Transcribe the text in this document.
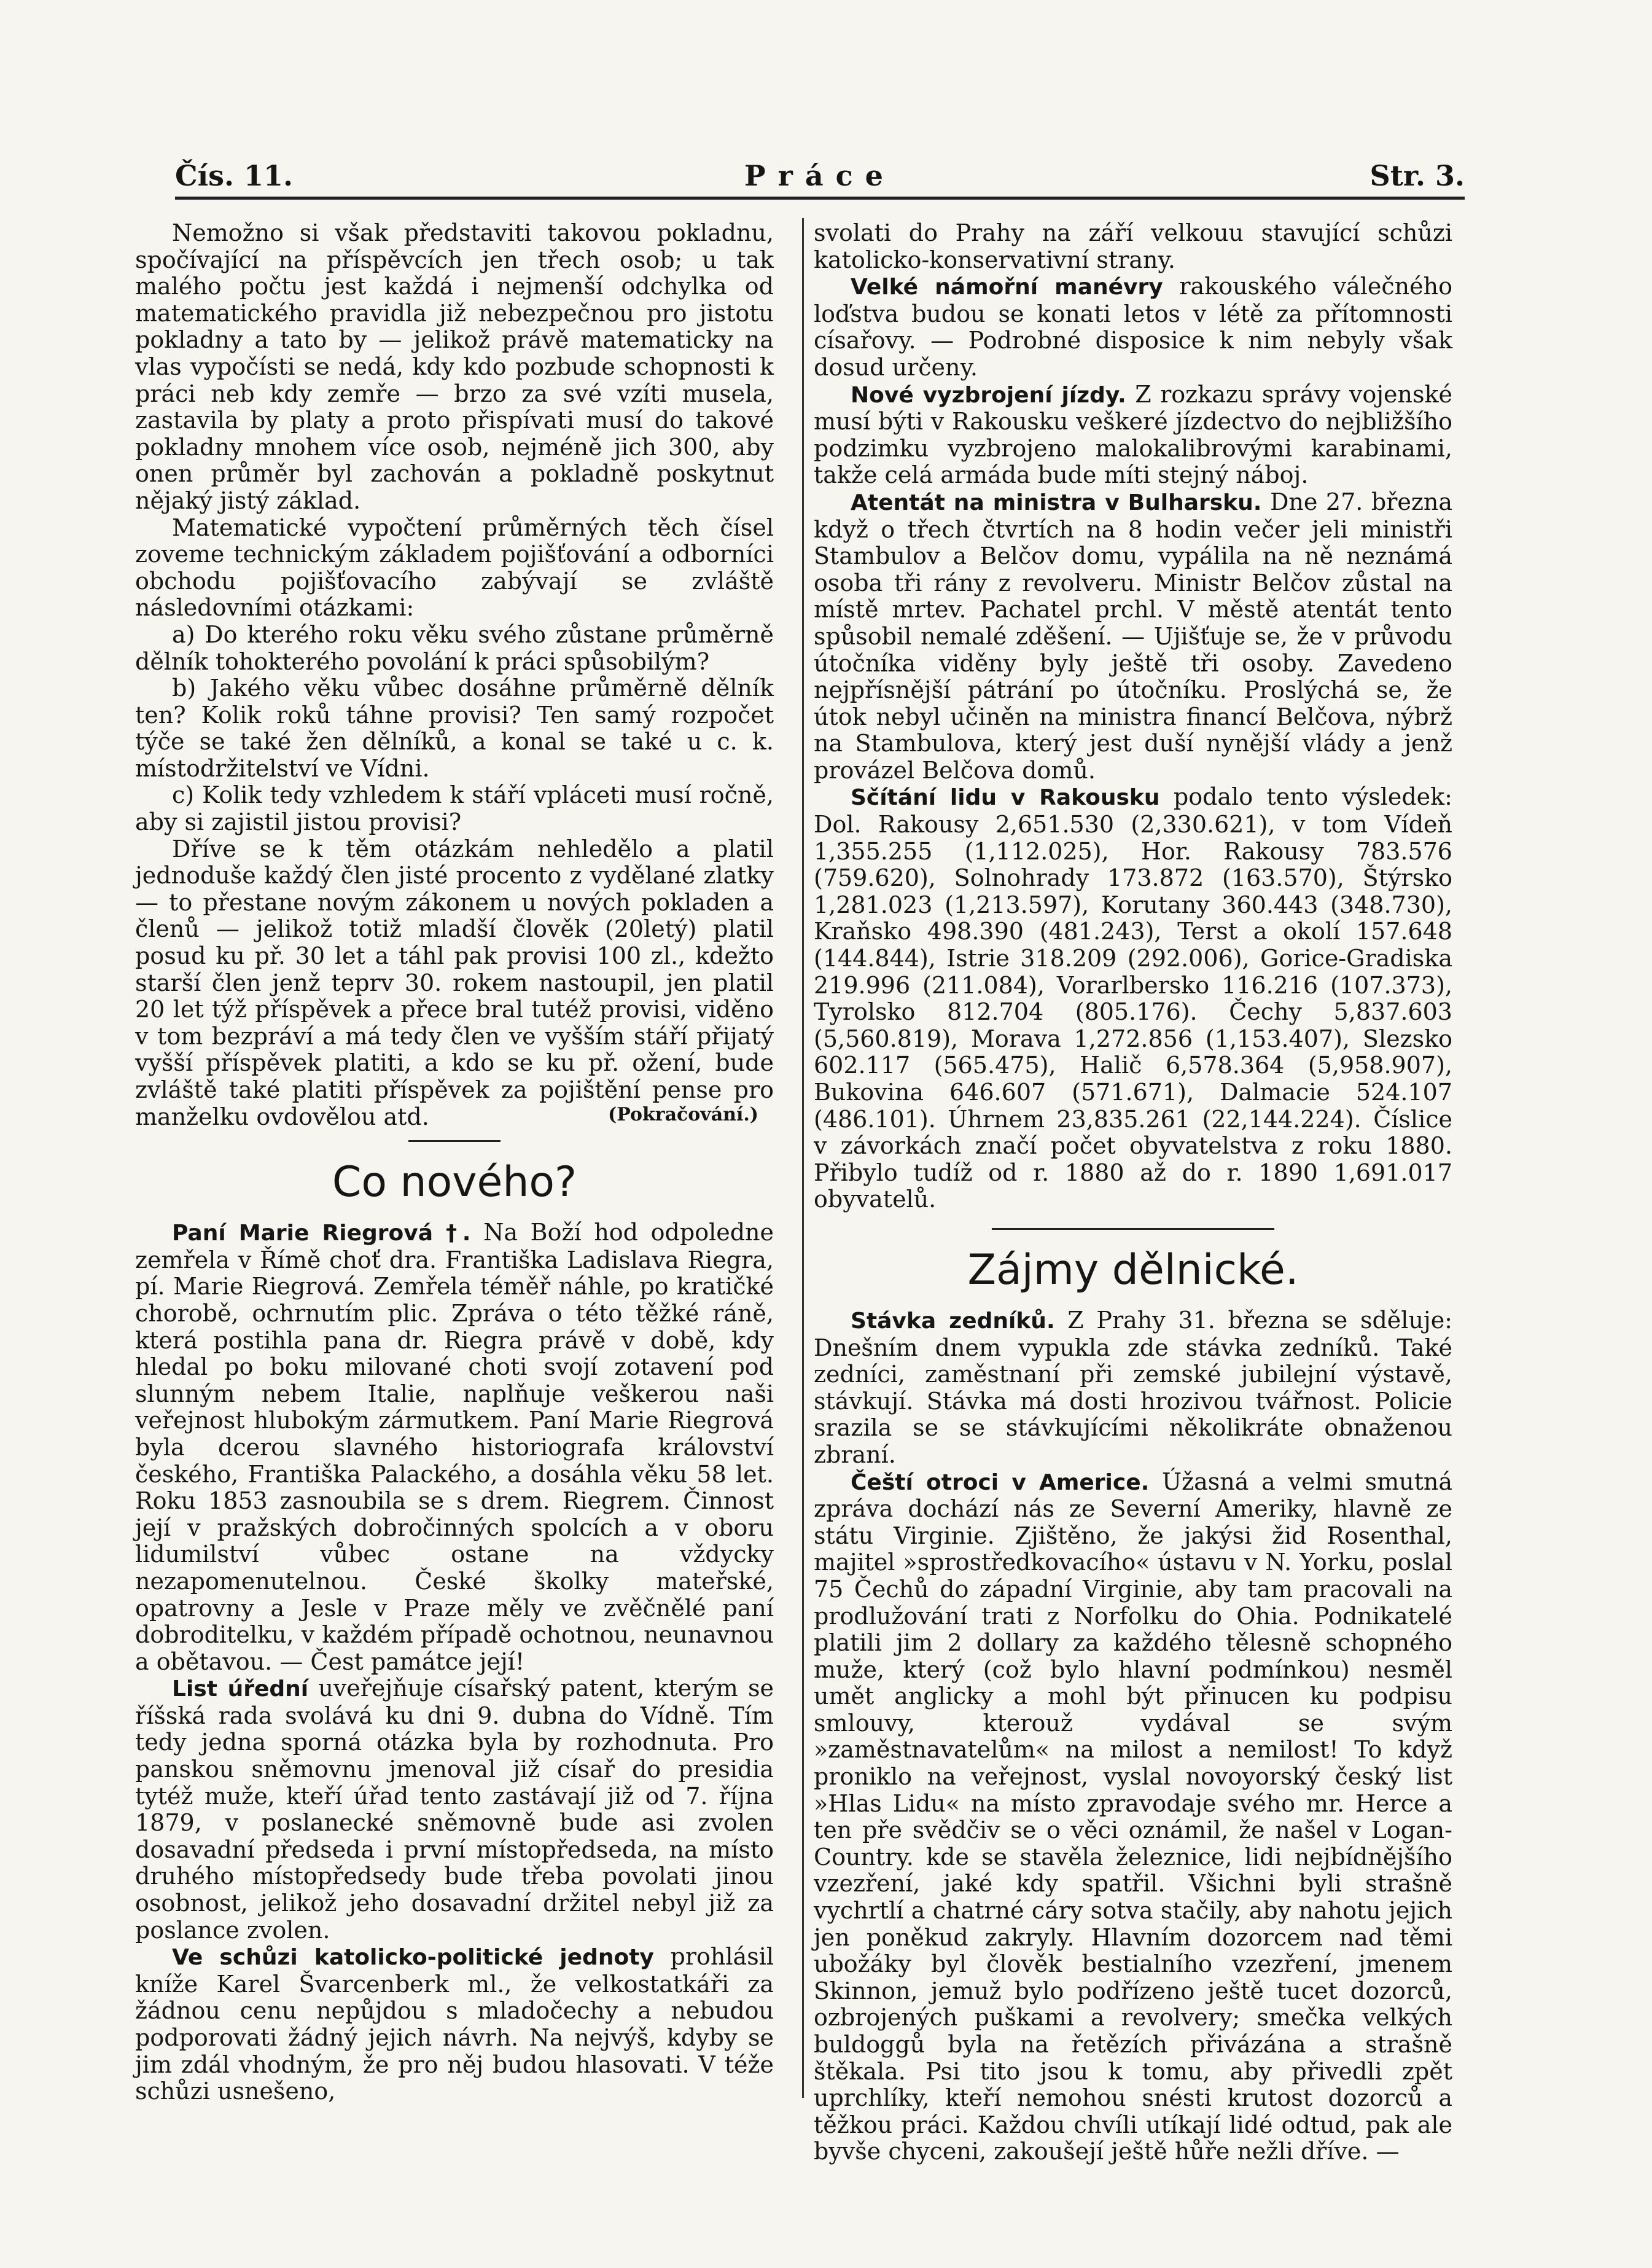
Čís. 11.	Práce	Str. 3.

Nemožno si však představiti takovou pokladnu, spočívající na příspěvcích jen třech osob; u tak malého počtu jest každá i nejmenší odchylka od matematického pravidla již nebezpečnou pro jistotu pokladny a tato by — jelikož právě matematicky na vlas vypočísti se nedá, kdy kdo pozbude schopnosti k práci neb kdy zemře — brzo za své vzíti musela, zastavila by platy a proto přispívati musí do takové pokladny mnohem více osob, nejméně jich 300, aby onen průměr byl zachován a pokladně poskytnut nějaký jistý základ.

Matematické vypočtení průměrných těch čísel zoveme technickým základem pojišťování a odborníci obchodu pojišťovacího zabývají se zvláště následovními otázkami:

a) Do kterého roku věku svého zůstane průměrně dělník tohokterého povolání k práci spůsobilým?

b) Jakého věku vůbec dosáhne průměrně dělník ten? Kolik roků táhne provisi? Ten samý rozpočet týče se také žen dělníků, a konal se také u c. k. místodržitelství ve Vídni.

c) Kolik tedy vzhledem k stáří vpláceti musí ročně, aby si zajistil jistou provisi?

Dříve se k těm otázkám nehledělo a platil jednoduše každý člen jisté procento z vydělané zlatky — to přestane novým zákonem u nových pokladen a členů — jelikož totiž mladší člověk (20letý) platil posud ku př. 30 let a táhl pak provisi 100 zl., kdežto starší člen jenž teprv 30. rokem nastoupil, jen platil 20 let týž příspěvek a přece bral tutéž provisi, viděno v tom bezpráví a má tedy člen ve vyšším stáří přijatý vyšší příspěvek platiti, a kdo se ku př. ožení, bude zvláště také platiti příspěvek za pojištění pense pro manželku ovdovělou atd.	(Pokračování.)
Co nového?

Paní Marie Riegrová †. Na Boží hod odpoledne zemřela v Římě choť dra. Františka Ladislava Riegra, pí. Marie Riegrová. Zemřela téměř náhle, po kratičké chorobě, ochrnutím plic. Zpráva o této těžké ráně, která postihla pana dr. Riegra právě v době, kdy hledal po boku milované choti svojí zotavení pod slunným nebem Italie, naplňuje veškerou naši veřejnost hlubokým zármutkem. Paní Marie Riegrová byla dcerou slavného historiografa království českého, Františka Palackého, a dosáhla věku 58 let. Roku 1853 zasnoubila se s drem. Riegrem. Činnost její v pražských dobročinných spolcích a v oboru lidumilství vůbec ostane na vždycky nezapomenutelnou. České školky mateřské, opatrovny a Jesle v Praze měly ve zvěčnělé paní dobroditelku, v každém případě ochotnou, neunavnou a obětavou. — Čest památce její!

List úřední uveřejňuje císařský patent, kterým se říšská rada svolává ku dni 9. dubna do Vídně. Tím tedy jedna sporná otázka byla by rozhodnuta. Pro panskou sněmovnu jmenoval již císař do presidia tytéž muže, kteří úřad tento zastávají již od 7. října 1879, v poslanecké sněmovně bude asi zvolen dosavadní předseda i první místopředseda, na místo druhého místopředsedy bude třeba povolati jinou osobnost, jelikož jeho dosavadní držitel nebyl již za poslance zvolen.

Ve schůzi katolicko-politické jednoty prohlásil kníže Karel Švarcenberk ml., že velkostatkáři za žádnou cenu nepůjdou s mladočechy a nebudou podporovati žádný jejich návrh. Na nejvýš, kdyby se jim zdál vhodným, že pro něj budou hlasovati. V téže schůzi usnešeno,

svolati do Prahy na září velkouu stavující schůzi katolicko-konservativní strany.

Velké námořní manévry rakouského válečného loďstva budou se konati letos v létě za přítomnosti císařovy. — Podrobné disposice k nim nebyly však dosud určeny.

Nové vyzbrojení jízdy. Z rozkazu správy vojenské musí býti v Rakousku veškeré jízdectvo do nejbližšího podzimku vyzbrojeno malokalibrovými karabinami, takže celá armáda bude míti stejný náboj.

Atentát na ministra v Bulharsku. Dne 27. března když o třech čtvrtích na 8 hodin večer jeli ministři Stambulov a Belčov domu, vypálila na ně neznámá osoba tři rány z revolveru. Ministr Belčov zůstal na místě mrtev. Pachatel prchl. V městě atentát tento spůsobil nemalé zděšení. — Ujišťuje se, že v průvodu útočníka viděny byly ještě tři osoby. Zavedeno nejpřísnější pátrání po útočníku. Proslýchá se, že útok nebyl učiněn na ministra financí Belčova, nýbrž na Stambulova, který jest duší nynější vlády a jenž provázel Belčova domů.

Sčítání lidu v Rakousku podalo tento výsledek: Dol. Rakousy 2,651.530 (2,330.621), v tom Vídeň 1,355.255 (1,112.025), Hor. Rakousy 783.576 (759.620), Solnohrady 173.872 (163.570), Štýrsko 1,281.023 (1,213.597), Korutany 360.443 (348.730), Kraňsko 498.390 (481.243), Terst a okolí 157.648 (144.844), Istrie 318.209 (292.006), Gorice-Gradiska 219.996 (211.084), Vorarlbersko 116.216 (107.373), Tyrolsko 812.704 (805.176). Čechy 5,837.603 (5,560.819), Morava 1,272.856 (1,153.407), Slezsko 602.117 (565.475), Halič 6,578.364 (5,958.907), Bukovina 646.607 (571.671), Dalmacie 524.107 (486.101). Úhrnem 23,835.261 (22,144.224). Číslice v závorkách značí počet obyvatelstva z roku 1880. Přibylo tudíž od r. 1880 až do r. 1890 1,691.017 obyvatelů.

Zájmy dělnické.

Stávka zedníků. Z Prahy 31. března se sděluje: Dnešním dnem vypukla zde stávka zedníků. Také zedníci, zaměstnaní při zemské jubilejní výstavě, stávkují. Stávka má dosti hrozivou tvářnost. Policie srazila se se stávkujícími několikráte obnaženou zbraní.

Čeští otroci v Americe. Úžasná a velmi smutná zpráva dochází nás ze Severní Ameriky, hlavně ze státu Virginie. Zjištěno, že jakýsi žid Rosenthal, majitel »sprostředkovacího« ústavu v N. Yorku, poslal 75 Čechů do západní Virginie, aby tam pracovali na prodlužování trati z Norfolku do Ohia. Podnikatelé platili jim 2 dollary za každého tělesně schopného muže, který (což bylo hlavní podmínkou) nesměl umět anglicky a mohl být přinucen ku podpisu smlouvy, kterouž vydával se svým »zaměstnavatelům« na milost a nemilost! To když proniklo na veřejnost, vyslal novoyorský český list »Hlas Lidu« na místo zpravodaje svého mr. Herce a ten pře svědčiv se o věci oznámil, že našel v Logan-Country. kde se stavěla železnice, lidi nejbídnějšího vzezření, jaké kdy spatřil. Všichni byli strašně vychrtlí a chatrné cáry sotva stačily, aby nahotu jejich jen poněkud zakryly. Hlavním dozorcem nad těmi ubožáky byl člověk bestialního vzezření, jmenem Skinnon, jemuž bylo podřízeno ještě tucet dozorců, ozbrojených puškami a revolvery; smečka velkých buldoggů byla na řetězích přivázána a strašně štěkala. Psi tito jsou k tomu, aby přivedli zpět uprchlíky, kteří nemohou snésti krutost dozorců a těžkou práci. Každou chvíli utíkají lidé odtud, pak ale byvše chyceni, zakoušejí ještě hůře nežli dříve. —
